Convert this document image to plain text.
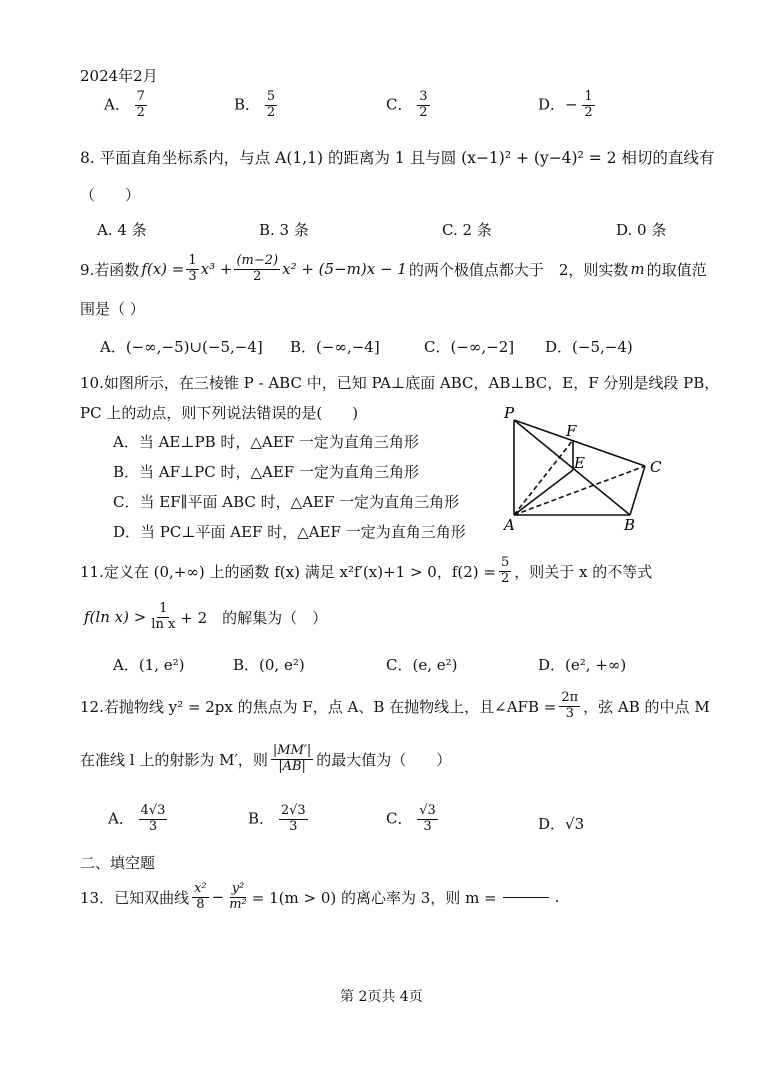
2024年2月
A． $\frac{7}{2}$	B． $\frac{5}{2}$	C． $\frac{3}{2}$	D．− $\frac{1}{2}$
8. 平面直角坐标系内，与点 A(1,1) 的距离为 1 且与圆 (x−1)² + (y−4)² = 2 相切的直线有
（　　）
A. 4 条	B. 3 条	C. 2 条	D. 0 条
9.若函数 $f(x) = \frac{1}{3} x^3 + \frac{(m-2)}{2} x^2 + (5-m)x - 1$ 的两个极值点都大于　2，则实数 m 的取值范
围是（ ）
A．(−∞,−5)∪(−5,−4] B．(−∞,−4]	C．(−∞,−2] D．(−5,−4)
10.如图所示，在三棱锥 P - ABC 中，已知 PA⊥底面 ABC，AB⊥BC，E，F 分别是线段 PB，
PC 上的动点，则下列说法错误的是(　　)
A．当 AE⊥PB 时，△AEF 一定为直角三角形
B．当 AF⊥PC 时，△AEF 一定为直角三角形
C．当 EF∥平面 ABC 时，△AEF 一定为直角三角形
D．当 PC⊥平面 AEF 时，△AEF 一定为直角三角形
P
F
E	C
A	B
11.定义在 (0,+∞) 上的函数 f(x) 满足 x²f′(x)+1 > 0，$f(2) = \frac{5}{2}$ ，则关于 x 的不等式
f(ln $x) > \frac{1}{\text{ln x}} + 2$　的解集为（　）
A．(1, e²)	B．(0, e²)	C．(e, e²)	D．(e², +∞)
12.若抛物线 y² = 2px 的焦点为 F，点 A、B 在抛物线上，且∠AFB = $\frac{2\pi}{3}$ ，弦 AB 的中点 M
在准线 l 上的射影为 M′，则 $\frac{|MM'|}{|AB|}$ 的最大值为（　　）
A． $\frac{4√3}{3}$	B． $\frac{2√3}{3}$	C． $\frac{√3}{3}$	D．√3
二、填空题
13．已知双曲线 $\frac{\text{x²}}{8} - \frac{\text{y²}}{\text{m²}} = 1(m > 0)$ 的离心率为 3，则 m =	.
第 2页共 4页
